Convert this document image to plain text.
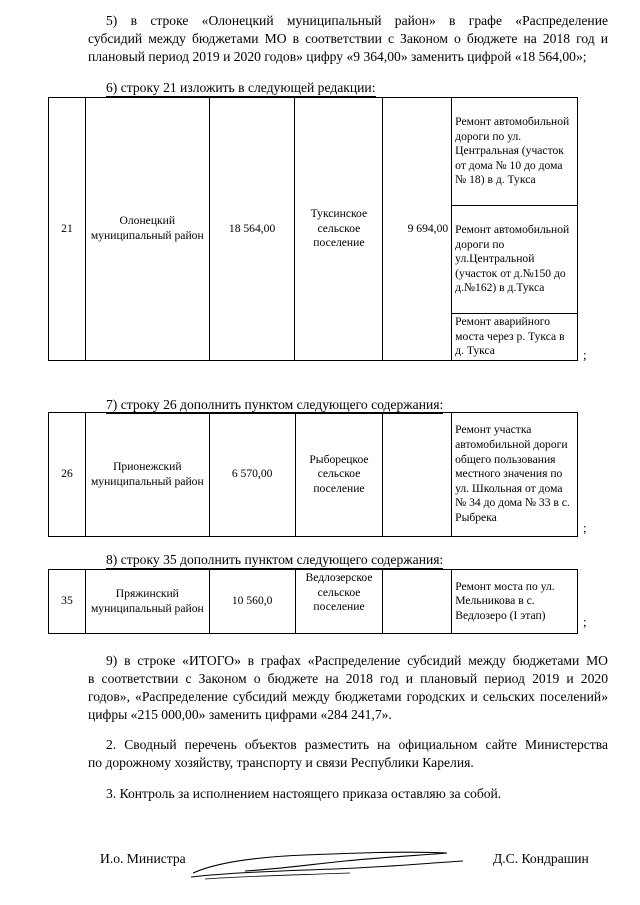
5) в строке «Олонецкий муниципальный район» в графе «Распределение
субсидий между бюджетами МО в соответствии с Законом о бюджете на 2018 год и
плановый период 2019 и 2020 годов» цифру «9 364,00» заменить цифрой «18 564,00»;
6) строку 21 изложить в следующей редакции:
21	Олонецкий муниципальный район	18 564,00	Туксинское сельское поселение	9 694,00	Ремонт автомобильной дороги по ул. Центральная (участок от дома № 10 до дома № 18) в д. Тукса
Ремонт автомобильной дороги по ул.Центральной (участок от д.№150 до д.№162) в д.Тукса
Ремонт аварийного моста через р. Тукса в д. Тукса	;
7) строку 26 дополнить пунктом следующего содержания:
26	Прионежский муниципальный район	6 570,00	Рыборецкое сельское поселение		Ремонт участка автомобильной дороги общего пользования местного значения по ул. Школьная от дома № 34 до дома № 33 в с. Рыбрека
;
8) строку 35 дополнить пунктом следующего содержания:
35	Пряжинский муниципальный район	10 560,0	Ведлозерское сельское поселение		Ремонт моста по ул. Мельникова в с. Ведлозеро (I этап)	;
9) в строке «ИТОГО» в графах «Распределение субсидий между бюджетами МО
в соответствии с Законом о бюджете на 2018 год и плановый период 2019 и 2020
годов», «Распределение субсидий между бюджетами городских и сельских поселений»
цифры «215 000,00» заменить цифрами «284 241,7».
2. Сводный перечень объектов разместить на официальном сайте Министерства
по дорожному хозяйству, транспорту и связи Республики Карелия.
3. Контроль за исполнением настоящего приказа оставляю за собой.
И.о. Министра	Д.С. Кондрашин
